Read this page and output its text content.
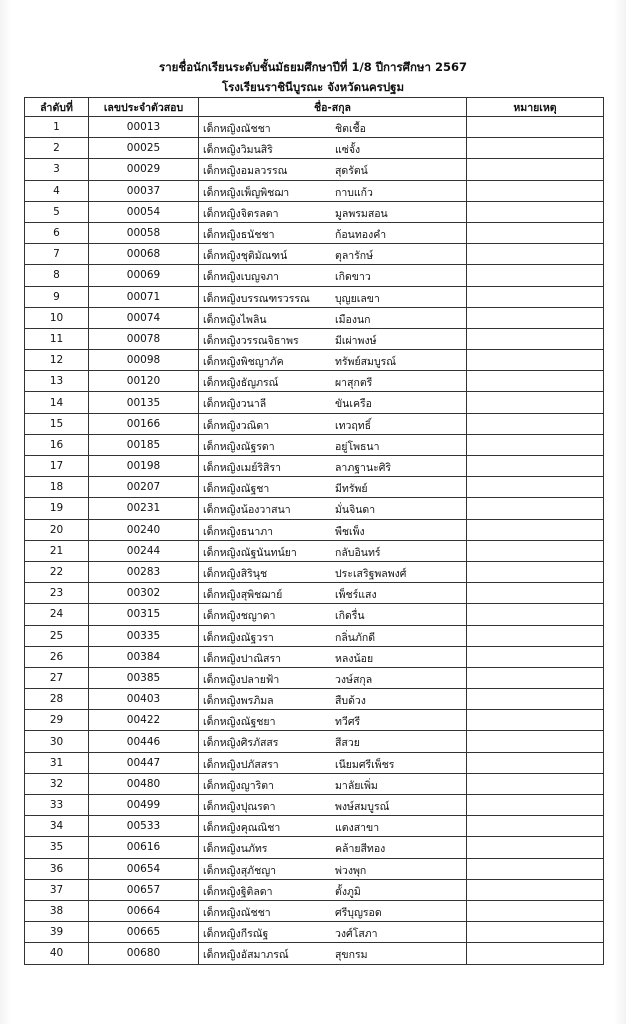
รายชื่อนักเรียนระดับชั้นมัธยมศึกษาปีที่ 1/8 ปีการศึกษา 2567
โรงเรียนราชินีบูรณะ จังหวัดนครปฐม
ลำดับที่	เลขประจำตัวสอบ	ชื่อ-สกุล	หมายเหตุ
1	00013	เด็กหญิงณัชชา ชิตเชื้อ	

2	00025	เด็กหญิงวิมนสิริ แซ่จั้ง	

3	00029	เด็กหญิงอมลวรรณ สุดรัตน์	

4	00037	เด็กหญิงเพ็ญพิชฌา กาบแก้ว	

5	00054	เด็กหญิงจิตรลดา มูลพรมสอน	

6	00058	เด็กหญิงธนัชชา ก้อนทองคำ	

7	00068	เด็กหญิงชุติมัณฑน์ ตุลารักษ์	

8	00069	เด็กหญิงเบญจภา เกิดขาว	

9	00071	เด็กหญิงบรรณฑรวรรณ บุญยเลขา	

10	00074	เด็กหญิงไพลิน เมืองนก	

11	00078	เด็กหญิงวรรณจิธาพร มีเผ่าพงษ์	

12	00098	เด็กหญิงพิชญาภัค ทรัพย์สมบูรณ์	

13	00120	เด็กหญิงธัญภรณ์ ผาสุกตรี	

14	00135	เด็กหญิงวนาลี ขันเครือ	

15	00166	เด็กหญิงวณิดา เทวฤทธิ์	

16	00185	เด็กหญิงณัฐรดา อยู่โพธนา	

17	00198	เด็กหญิงเมย์ริสิรา ลาภฐานะศิริ	

18	00207	เด็กหญิงณัฐชา มีทรัพย์	

19	00231	เด็กหญิงน้องวาสนา มั่นจินดา	

20	00240	เด็กหญิงธนาภา พืชเพ็ง	

21	00244	เด็กหญิงณัฐนันทน์ยา กลับอินทร์	

22	00283	เด็กหญิงสิรินุช ประเสริฐพลพงศ์	

23	00302	เด็กหญิงสุพิชฌาย์ เพ็ชร์แสง	

24	00315	เด็กหญิงชญาดา เกิดรื่น	

25	00335	เด็กหญิงณัฐวรา กลิ่นภักดี	

26	00384	เด็กหญิงปาณิสรา หลงน้อย	

27	00385	เด็กหญิงปลายฟ้า วงษ์สกุล	

28	00403	เด็กหญิงพรภิมล สืบด้วง	

29	00422	เด็กหญิงณัฐชยา ทวีศรี	

30	00446	เด็กหญิงศิรภัสสร สีสวย	

31	00447	เด็กหญิงปภัสสรา เนียมศรีเพ็ชร	

32	00480	เด็กหญิงญาริตา มาลัยเพิ่ม	

33	00499	เด็กหญิงปุณรดา พงษ์สมบูรณ์	

34	00533	เด็กหญิงคุณณิชา แตงสาขา	

35	00616	เด็กหญิงนภัทร คล้ายสีทอง	

36	00654	เด็กหญิงสุภัชญา พ่วงพุก	

37	00657	เด็กหญิงฐิติลดา ตั้งภูมิ	

38	00664	เด็กหญิงณัชชา ศรีบุญรอด	

39	00665	เด็กหญิงกีรณัฐ วงศ์โสภา	

40	00680	เด็กหญิงอัสมาภรณ์ สุขกรม	
